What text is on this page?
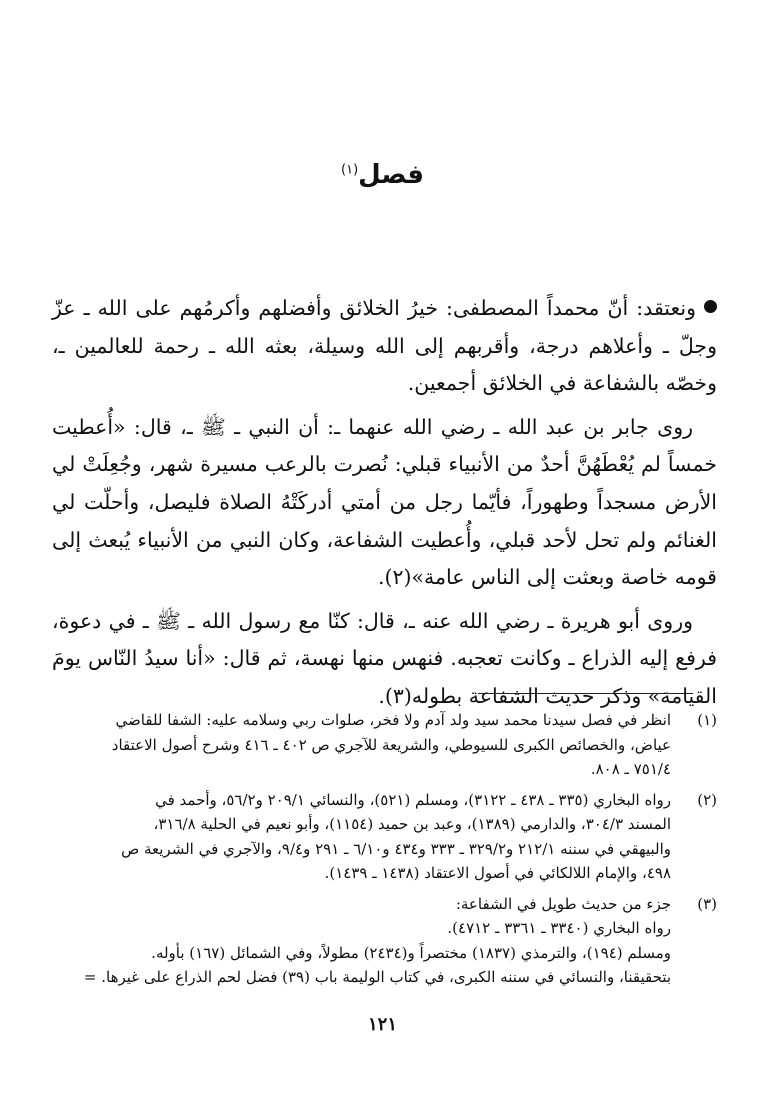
فصل$^{(١)}$

ونعتقد: أنّ محمداً المصطفى: خيرُ الخلائق وأفضلهم وأكرمُهم على الله ـ عزّ وجلّ ـ وأعلاهم درجة، وأقربهم إلى الله وسيلة، بعثه الله ـ رحمة للعالمين ـ، وخصّه بالشفاعة في الخلائق أجمعين.

روى جابر بن عبد الله ـ رضي الله عنهما ـ: أن النبي ـ ﷺ ـ، قال: «أُعطيت خمساً لم يُعْطَهُنَّ أحدٌ من الأنبياء قبلي: نُصرت بالرعب مسيرة شهر، وجُعِلَتْ لي الأرض مسجداً وطهوراً، فأيّما رجل من أمتي أدركَتْهُ الصلاة فليصل، وأحلّت لي الغنائم ولم تحل لأحد قبلي، وأُعطيت الشفاعة، وكان النبي من الأنبياء يُبعث إلى قومه خاصة وبعثت إلى الناس عامة»(٢).

وروى أبو هريرة ـ رضي الله عنه ـ، قال: كنّا مع رسول الله ـ ﷺ ـ في دعوة، فرفع إليه الذراع ـ وكانت تعجبه. فنهس منها نهسة، ثم قال: «أنا سيدُ النّاس يومَ القيامة» وذكر حديث الشفاعة بطوله(٣).

(١)
انظر في فصل سيدنا محمد سيد ولد آدم ولا فخر، صلوات ربي وسلامه عليه: الشفا للقاضي
عياض، والخصائص الكبرى للسيوطي، والشريعة للآجري ص ٤٠٢ ـ ٤١٦ وشرح أصول الاعتقاد
٧٥١/٤ ـ ٨٠٨.
(٢)
رواه البخاري (٣٣٥ ـ ٤٣٨ ـ ٣١٢٢)، ومسلم (٥٢١)، والنسائي ٢٠٩/١ و٥٦/٢، وأحمد في
المسند ٣٠٤/٣، والدارمي (١٣٨٩)، وعبد بن حميد (١١٥٤)، وأبو نعيم في الحلية ٣١٦/٨،
والبيهقي في سننه ٢١٢/١ و٣٢٩/٢ ـ ٣٣٣ و٤٣٤ و٦/١٠ ـ ٢٩١ و٩/٤، والآجري في الشريعة ص
٤٩٨، والإمام اللالكائي في أصول الاعتقاد (١٤٣٨ ـ ١٤٣٩).
(٣)
جزء من حديث طويل في الشفاعة:
رواه البخاري (٣٣٤٠ ـ ٣٣٦١ ـ ٤٧١٢).
ومسلم (١٩٤)، والترمذي (١٨٣٧) مختصراً و(٢٤٣٤) مطولاً، وفي الشمائل (١٦٧) بأوله.
بتحقيقنا، والنسائي في سننه الكبرى، في كتاب الوليمة باب (٣٩) فضل لحم الذراع على غيرها. =
١٢١
